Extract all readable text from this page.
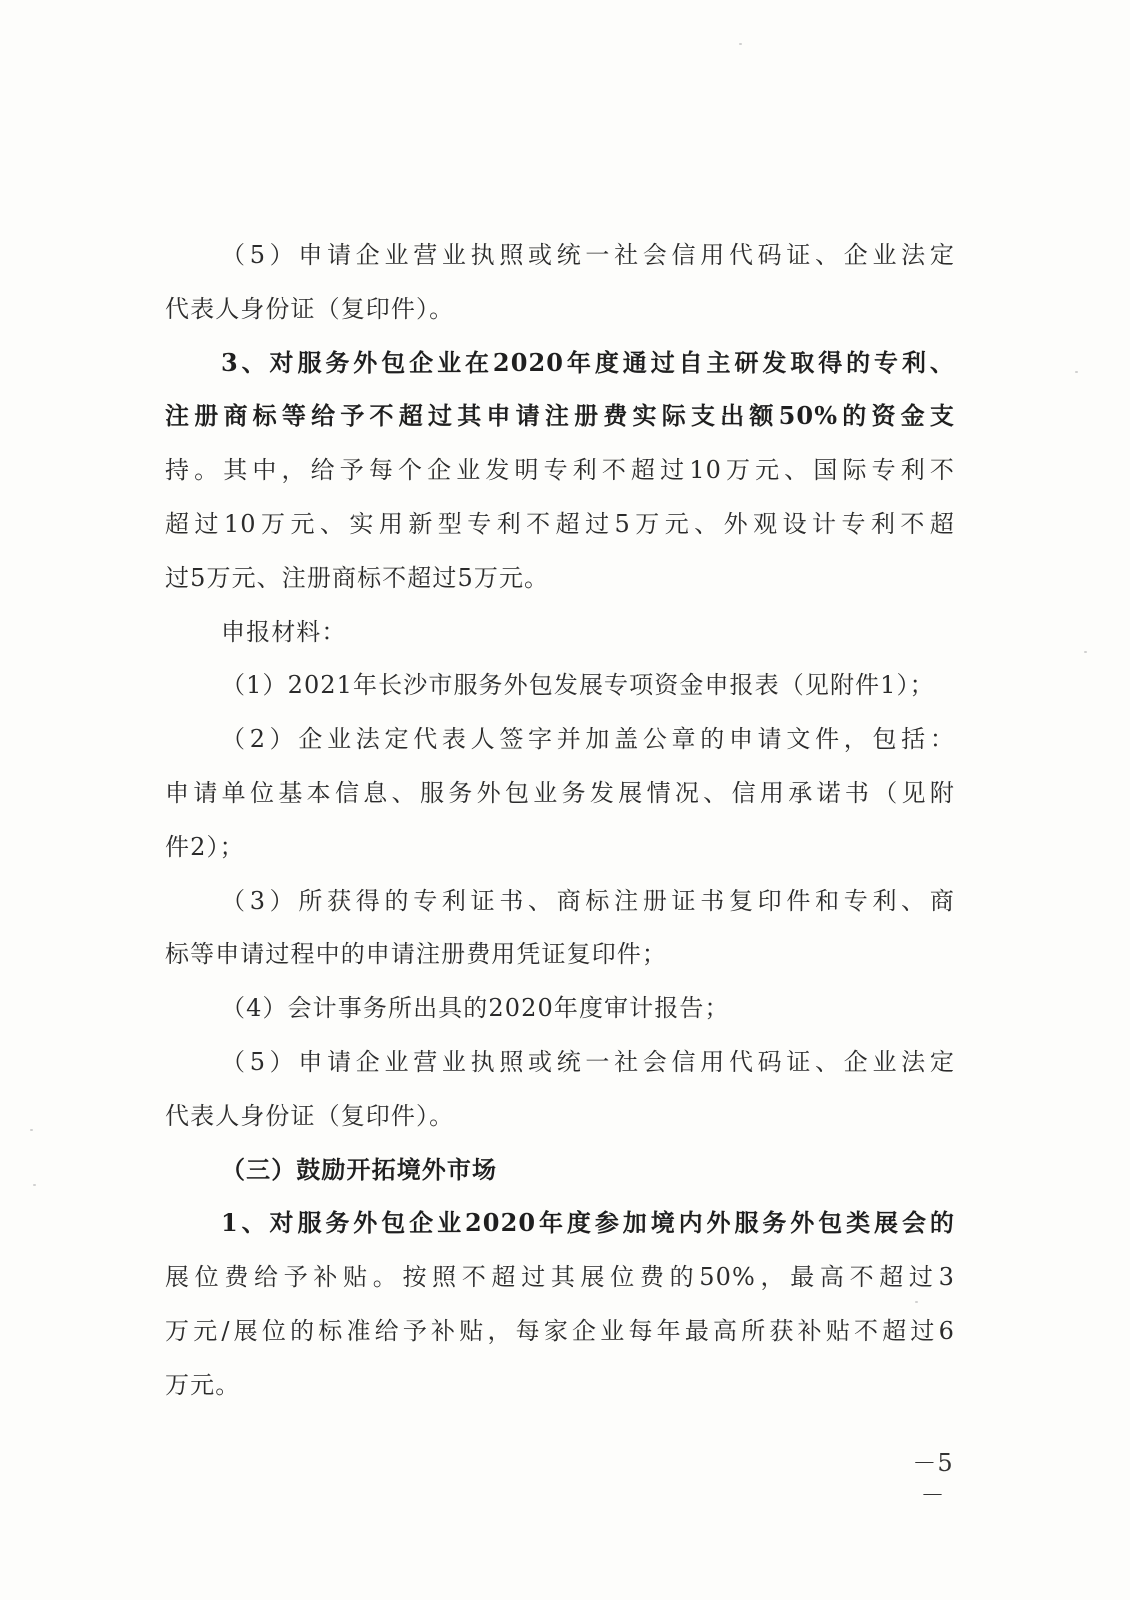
（5）申请企业营业执照或统一社会信用代码证、企业法定
代表人身份证（复印件）。
3、对服务外包企业在2020年度通过自主研发取得的专利、
注册商标等给予不超过其申请注册费实际支出额50%的资金支
持。其中，给予每个企业发明专利不超过10万元、国际专利不
超过10万元、实用新型专利不超过5万元、外观设计专利不超
过5万元、注册商标不超过5万元。
申报材料：
（1）2021年长沙市服务外包发展专项资金申报表（见附件1）；
（2）企业法定代表人签字并加盖公章的申请文件，包括：
申请单位基本信息、服务外包业务发展情况、信用承诺书（见附
件2）；
（3）所获得的专利证书、商标注册证书复印件和专利、商
标等申请过程中的申请注册费用凭证复印件；
（4）会计事务所出具的2020年度审计报告；
（5）申请企业营业执照或统一社会信用代码证、企业法定
代表人身份证（复印件）。
（三）鼓励开拓境外市场
1、对服务外包企业2020年度参加境内外服务外包类展会的
展位费给予补贴。按照不超过其展位费的50%，最高不超过3
万元/展位的标准给予补贴，每家企业每年最高所获补贴不超过6
万元。
－5－
